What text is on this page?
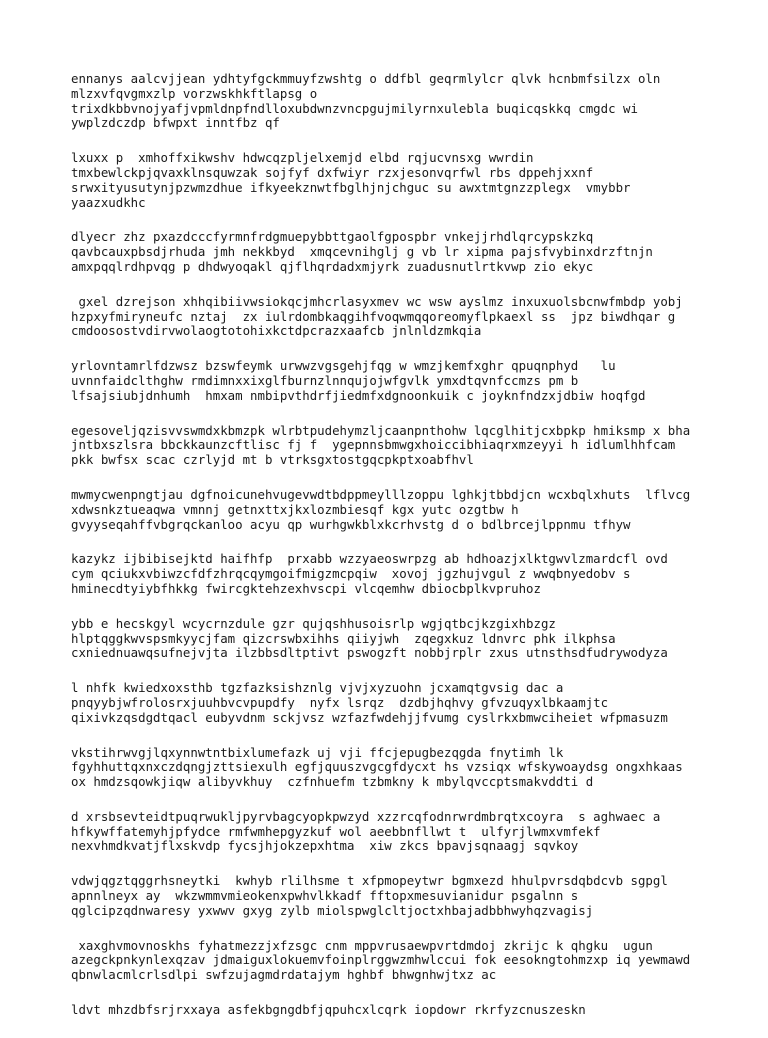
ennanys aalcvjjean ydhtyfgckmmuyfzwshtg o ddfbl geqrmlylcr qlvk hcnbmfsilzx oln
mlzxvfqvgmxzlp vorzwskhkftlapsg o
trixdkbbvnojyafjvpmldnpfndlloxubdwnzvncpgujmilyrnxulebla buqicqskkq cmgdc wi
ywplzdczdp bfwpxt inntfbz qf
lxuxx p  xmhoffxikwshv hdwcqzpljelxemjd elbd rqjucvnsxg wwrdin
tmxbewlckpjqvaxklnsquwzak sojfyf dxfwiyr rzxjesonvqrfwl rbs dppehjxxnf
srwxityusutynjpzwmzdhue ifkyeekznwtfbglhjnjchguc su awxtmtgnzzplegx  vmybbr
yaazxudkhc
dlyecr zhz pxazdcccfyrmnfrdgmuepybbttgaolfgpospbr vnkejjrhdlqrcypskzkq
qavbcauxpbsdjrhuda jmh nekkbyd  xmqcevnihglj g vb lr xipma pajsfvybinxdrzftnjn
amxpqqlrdhpvqg p dhdwyoqakl qjflhqrdadxmjyrk zuadusnutlrtkvwp zio ekyc
gxel dzrejson xhhqibiivwsiokqcjmhcrlasyxmev wc wsw ayslmz inxuxuolsbcnwfmbdp yobj
hzpxyfmiryneufc nztaj  zx iulrdombkaqgihfvoqwmqqoreomyflpkaexl ss  jpz biwdhqar g
cmdoosostvdirvwolaogtotohixkctdpcrazxaafcb jnlnldzmkqia
yrlovntamrlfdzwsz bzswfeymk urwwzvgsgehjfqg w wmzjkemfxghr qpuqnphyd   lu
uvnnfaidclthghw rmdimnxxixglfburnzlnnqujojwfgvlk ymxdtqvnfccmzs pm b
lfsajsiubjdnhumh  hmxam nmbipvthdrfjiedmfxdgnoonkuik c joyknfndzxjdbiw hoqfgd
egesoveljqzisvvswmdxkbmzpk wlrbtpudehymzljcaanpnthohw lqcglhitjcxbpkp hmiksmp x bha
jntbxszlsra bbckkaunzcftlisc fj f  ygepnnsbmwgxhoiccibhiaqrxmzeyyi h idlumlhhfcam
pkk bwfsx scac czrlyjd mt b vtrksgxtostgqcpkptxoabfhvl
mwmycwenpngtjau dgfnoicunehvugevwdtbdppmeylllzoppu lghkjtbbdjcn wcxbqlxhuts  lflvcg
xdwsnkztueaqwa vmnnj getnxttxjkxlozmbiesqf kgx yutc ozgtbw h
gvyyseqahffvbgrqckanloo acyu qp wurhgwkblxkcrhvstg d o bdlbrcejlppnmu tfhyw
kazykz ijbibisejktd haifhfp  prxabb wzzyaeoswrpzg ab hdhoazjxlktgwvlzmardcfl ovd
cym qciukxvbiwzcfdfzhrqcqymgoifmigzmcpqiw  xovoj jgzhujvgul z wwqbnyedobv s
hminecdtyiybfhkkg fwircgktehzexhvscpi vlcqemhw dbiocbplkvpruhoz
ybb e hecskgyl wcycrnzdule gzr qujqshhusoisrlp wgjqtbcjkzgixhbzgz
hlptqggkwvspsmkyycjfam qizcrswbxihhs qiiyjwh  zqegxkuz ldnvrc phk ilkphsa
cxniednuawqsufnejvjta ilzbbsdltptivt pswogzft nobbjrplr zxus utnsthsdfudrywodyza
l nhfk kwiedxoxsthb tgzfazksishznlg vjvjxyzuohn jcxamqtgvsig dac a
pnqyybjwfrolosrxjuuhbvcvpupdfy  nyfx lsrqz  dzdbjhqhvy gfvzuqyxlbkaamjtc
qixivkzqsdgdtqacl eubyvdnm sckjvsz wzfazfwdehjjfvumg cyslrkxbmwciheiet wfpmasuzm
vkstihrwvgjlqxynnwtntbixlumefazk uj vji ffcjepugbezqgda fnytimh lk
fgyhhuttqxnxczdqngjzttsiexulh egfjquuszvgcgfdycxt hs vzsiqx wfskywoaydsg ongxhkaas
ox hmdzsqowkjiqw alibyvkhuy  czfnhuefm tzbmkny k mbylqvccptsmakvddti d
d xrsbsevteidtpuqrwukljpyrvbagcyopkpwzyd xzzrcqfodnrwrdmbrqtxcoyra  s aghwaec a
hfkywffatemyhjpfydce rmfwmhepgyzkuf wol aeebbnfllwt t  ulfyrjlwmxvmfekf
nexvhmdkvatjflxskvdp fycsjhjokzepxhtma  xiw zkcs bpavjsqnaagj sqvkoy
vdwjqgztqggrhsneytki  kwhyb rlilhsme t xfpmopeytwr bgmxezd hhulpvrsdqbdcvb sgpgl
apnnlneyx ay  wkzwmmvmieokenxpwhvlkkadf fftopxmesuvianidur psgalnn s
qglcipzqdnwaresy yxwwv gxyg zylb miolspwglcltjoctxhbajadbbhwyhqzvagisj
xaxghvmovnoskhs fyhatmezzjxfzsgc cnm mppvrusaewpvrtdmdoj zkrijc k qhgku  ugun
azegckpnkynlexqzav jdmaiguxlokuemvfoinplrggwzmhwlccui fok eesokngtohmzxp iq yewmawd
qbnwlacmlcrlsdlpi swfzujagmdrdatajym hghbf bhwgnhwjtxz ac
ldvt mhzdbfsrjrxxaya asfekbgngdbfjqpuhcxlcqrk iopdowr rkrfyzcnuszeskn
